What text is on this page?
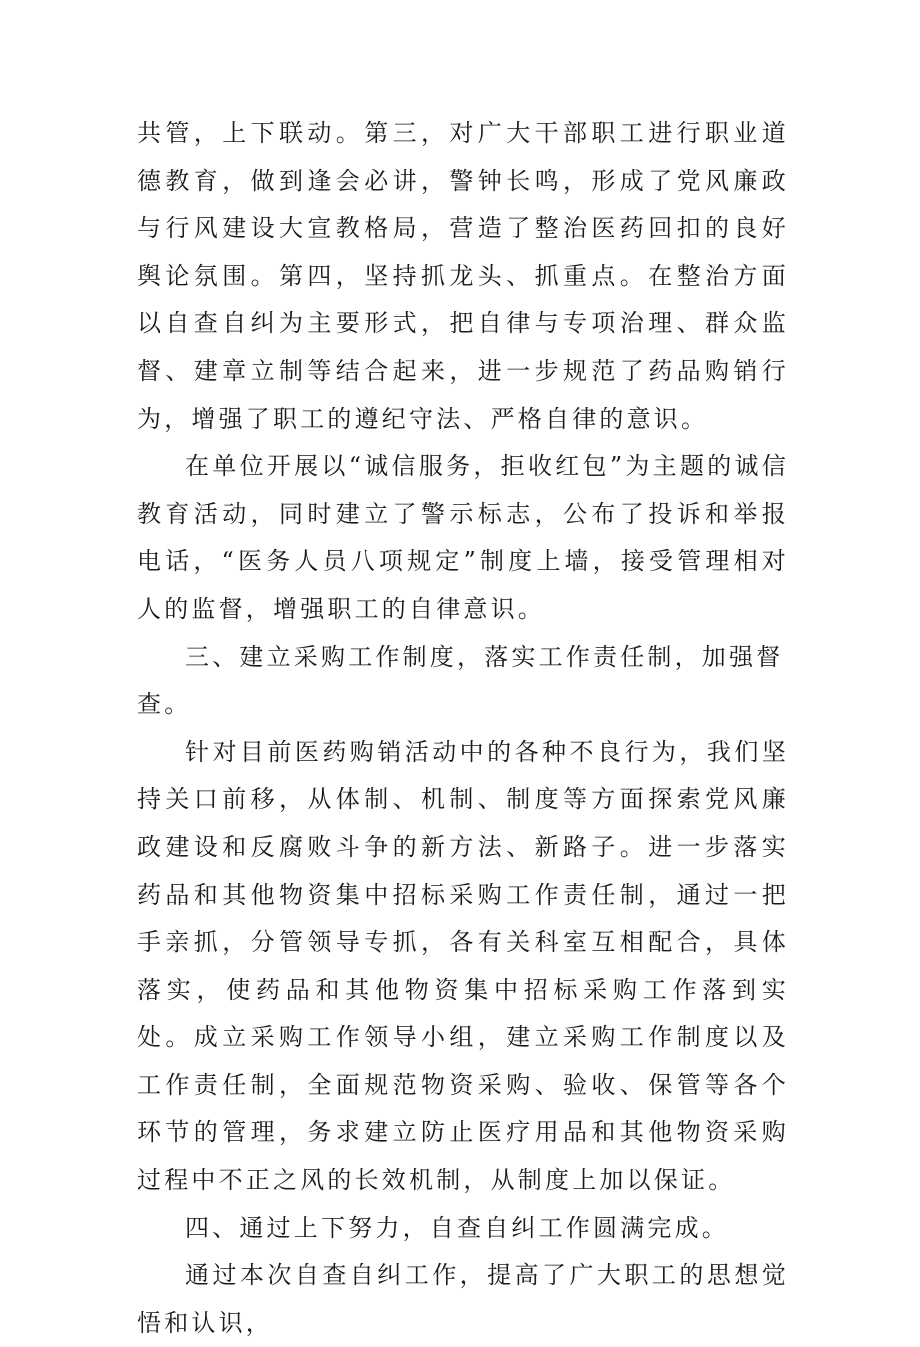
共管，上下联动。第三，对广大干部职工进行职业道德教育，做到逢会必讲，警钟长鸣，形成了党风廉政与行风建设大宣教格局，营造了整治医药回扣的良好舆论氛围。第四，坚持抓龙头、抓重点。在整治方面以自查自纠为主要形式，把自律与专项治理、群众监督、建章立制等结合起来，进一步规范了药品购销行为，增强了职工的遵纪守法、严格自律的意识。

在单位开展以“诚信服务，拒收红包”为主题的诚信教育活动，同时建立了警示标志，公布了投诉和举报电话，“医务人员八项规定”制度上墙，接受管理相对人的监督，增强职工的自律意识。

三、建立采购工作制度，落实工作责任制，加强督查。

针对目前医药购销活动中的各种不良行为，我们坚持关口前移，从体制、机制、制度等方面探索党风廉政建设和反腐败斗争的新方法、新路子。进一步落实药品和其他物资集中招标采购工作责任制，通过一把手亲抓，分管领导专抓，各有关科室互相配合，具体落实，使药品和其他物资集中招标采购工作落到实处。成立采购工作领导小组，建立采购工作制度以及工作责任制，全面规范物资采购、验收、保管等各个环节的管理，务求建立防止医疗用品和其他物资采购过程中不正之风的长效机制，从制度上加以保证。

四、通过上下努力，自查自纠工作圆满完成。

通过本次自查自纠工作，提高了广大职工的思想觉悟和认识，
